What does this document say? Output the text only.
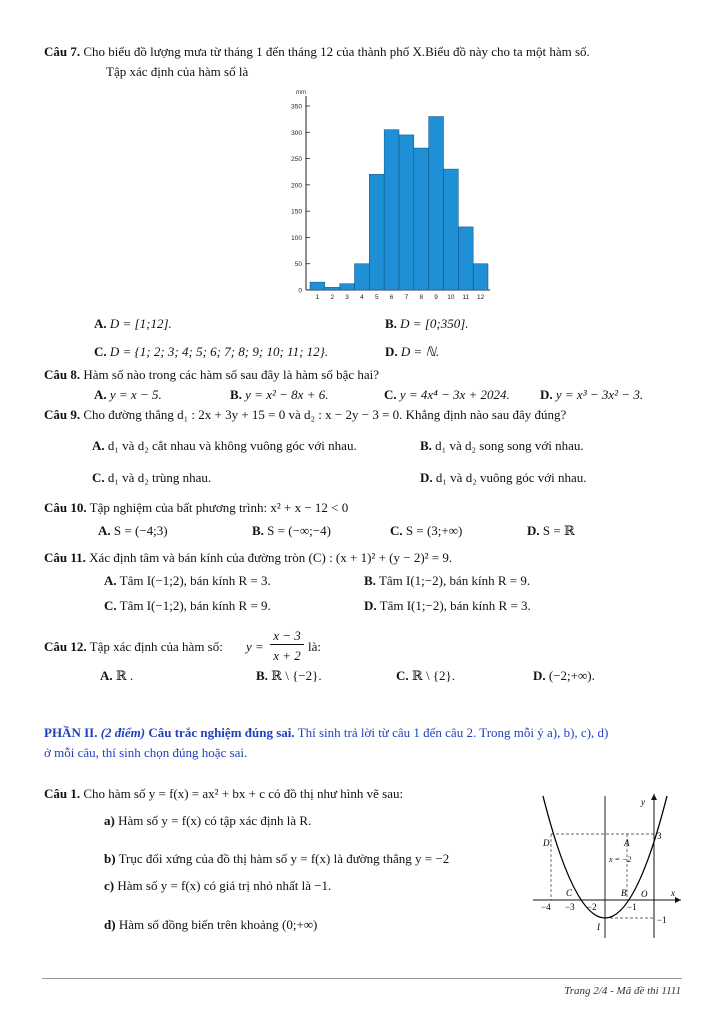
Câu 7. Cho biểu đồ lượng mưa từ tháng 1 đến tháng 12 của thành phố X.Biểu đồ này cho ta một hàm số.
Tập xác định của hàm số là
mm
0
50
100
150
200
250
300
350
1 2 3 4 5 6 7 8 9 10 11 12
A. D = [1;12].	B. D = [0;350].
C. D = {1; 2; 3; 4; 5; 6; 7; 8; 9; 10; 11; 12}.	D. D = ℕ.
Câu 8. Hàm số nào trong các hàm số sau đây là hàm số bậc hai?
A. y = x − 5.	B. y = x² − 8x + 6.	C. y = 4x⁴ − 3x + 2024. D. y = x³ − 3x² − 3.
Câu 9. Cho đường thẳng d₁ : 2x + 3y + 15 = 0 và d₂ : x − 2y − 3 = 0. Khẳng định nào sau đây đúng?
A. d₁ và d₂ cắt nhau và không vuông góc với nhau.	B. d₁ và d₂ song song với nhau.
C. d₁ và d₂ trùng nhau.	D. d₁ và d₂ vuông góc với nhau.
Câu 10. Tập nghiệm của bất phương trình: x² + x − 12 < 0
A. S = (−4;3)	B. S = (−∞;−4)	C. S = (3;+∞)	D. S = ℝ
Câu 11. Xác định tâm và bán kính của đường tròn (C) : (x + 1)² + (y − 2)² = 9.
A. Tâm I(−1;2), bán kính R = 3.	B. Tâm I(1;−2), bán kính R = 9.
C. Tâm I(−1;2), bán kính R = 9.	D. Tâm I(1;−2), bán kính R = 3.
Câu 12. Tập xác định của hàm số: y =
x − 3
x + 2
là:
A. ℝ .	B. ℝ \ {−2}.	C. ℝ \ {2}.	D. (−2;+∞).
PHẦN II. (2 điểm) Câu trắc nghiệm đúng sai. Thí sinh trả lời từ câu 1 đến câu 2. Trong mỗi ý a), b), c), d)
ở mỗi câu, thí sinh chọn đúng hoặc sai.
Câu 1. Cho hàm số y = f(x) = ax² + bx + c có đồ thị như hình vẽ sau:
a) Hàm số y = f(x) có tập xác định là R.
b) Trục đối xứng của đồ thị hàm số y = f(x) là đường thẳng y = −2
c) Hàm số y = f(x) có giá trị nhỏ nhất là −1.
d) Hàm số đồng biến trên khoảng (0;+∞)
y
x
O
D	A
B
C
I
3
−1
−1
−4 −3 −2
x = −2
Trang 2/4 - Mã đề thi 1111
